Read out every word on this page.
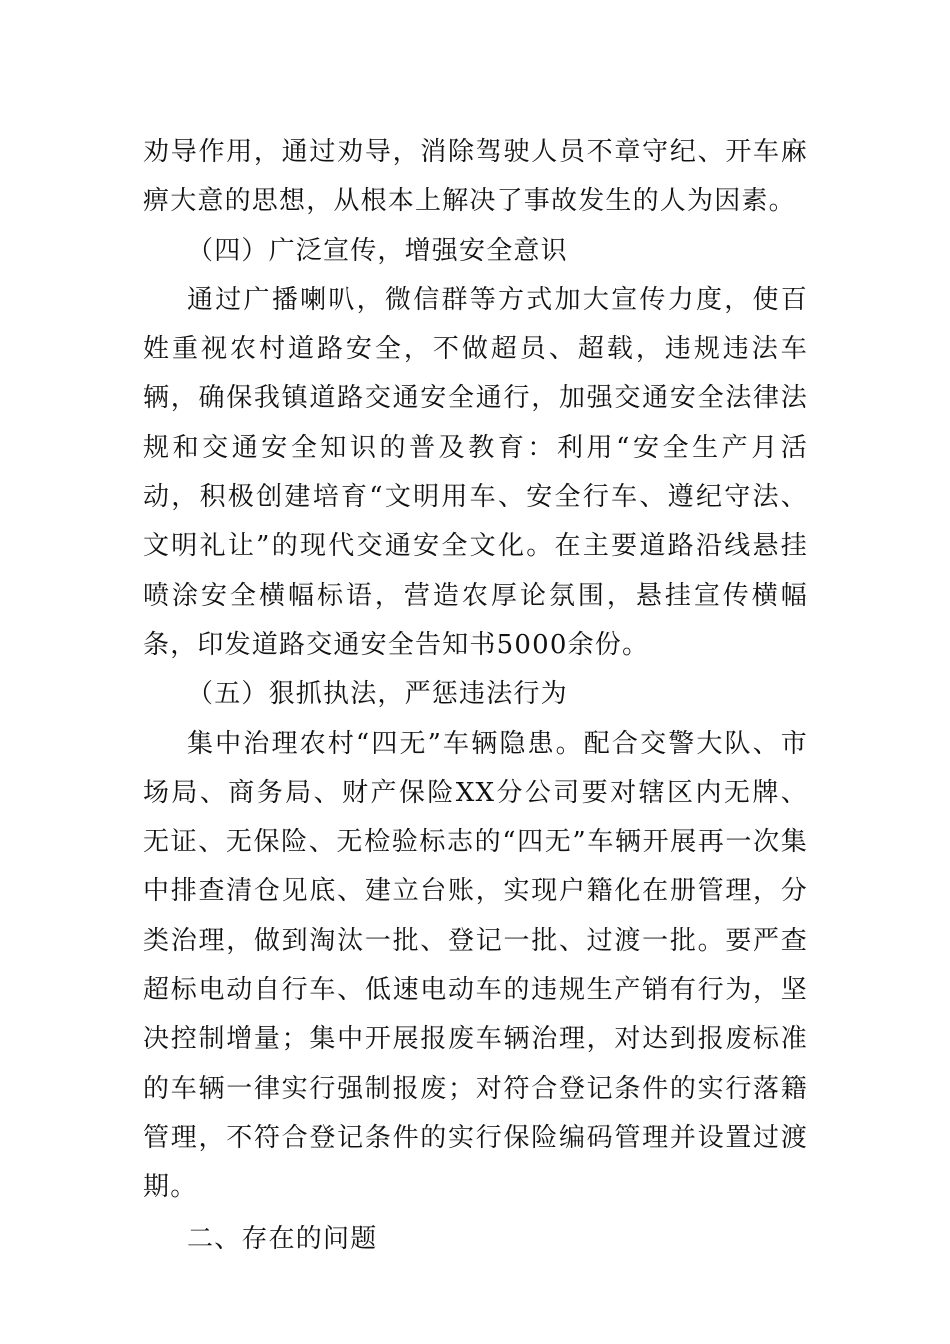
劝导作用，通过劝导，消除驾驶人员不章守纪、开车麻痹大意的思想，从根本上解决了事故发生的人为因素。

（四）广泛宣传，增强安全意识

通过广播喇叭，微信群等方式加大宣传力度，使百姓重视农村道路安全，不做超员、超载，违规违法车辆，确保我镇道路交通安全通行，加强交通安全法律法规和交通安全知识的普及教育：利用“安全生产月活动，积极创建培育“文明用车、安全行车、遵纪守法、文明礼让”的现代交通安全文化。在主要道路沿线悬挂喷涂安全横幅标语，营造农厚论氛围，悬挂宣传横幅条，印发道路交通安全告知书5000余份。

（五）狠抓执法，严惩违法行为

集中治理农村“四无”车辆隐患。配合交警大队、市场局、商务局、财产保险XX分公司要对辖区内无牌、无证、无保险、无检验标志的“四无”车辆开展再一次集中排查清仓见底、建立台账，实现户籍化在册管理，分类治理，做到淘汰一批、登记一批、过渡一批。要严查超标电动自行车、低速电动车的违规生产销有行为，坚决控制增量；集中开展报废车辆治理，对达到报废标准的车辆一律实行强制报废；对符合登记条件的实行落籍管理，不符合登记条件的实行保险编码管理并设置过渡期。

二、存在的问题
